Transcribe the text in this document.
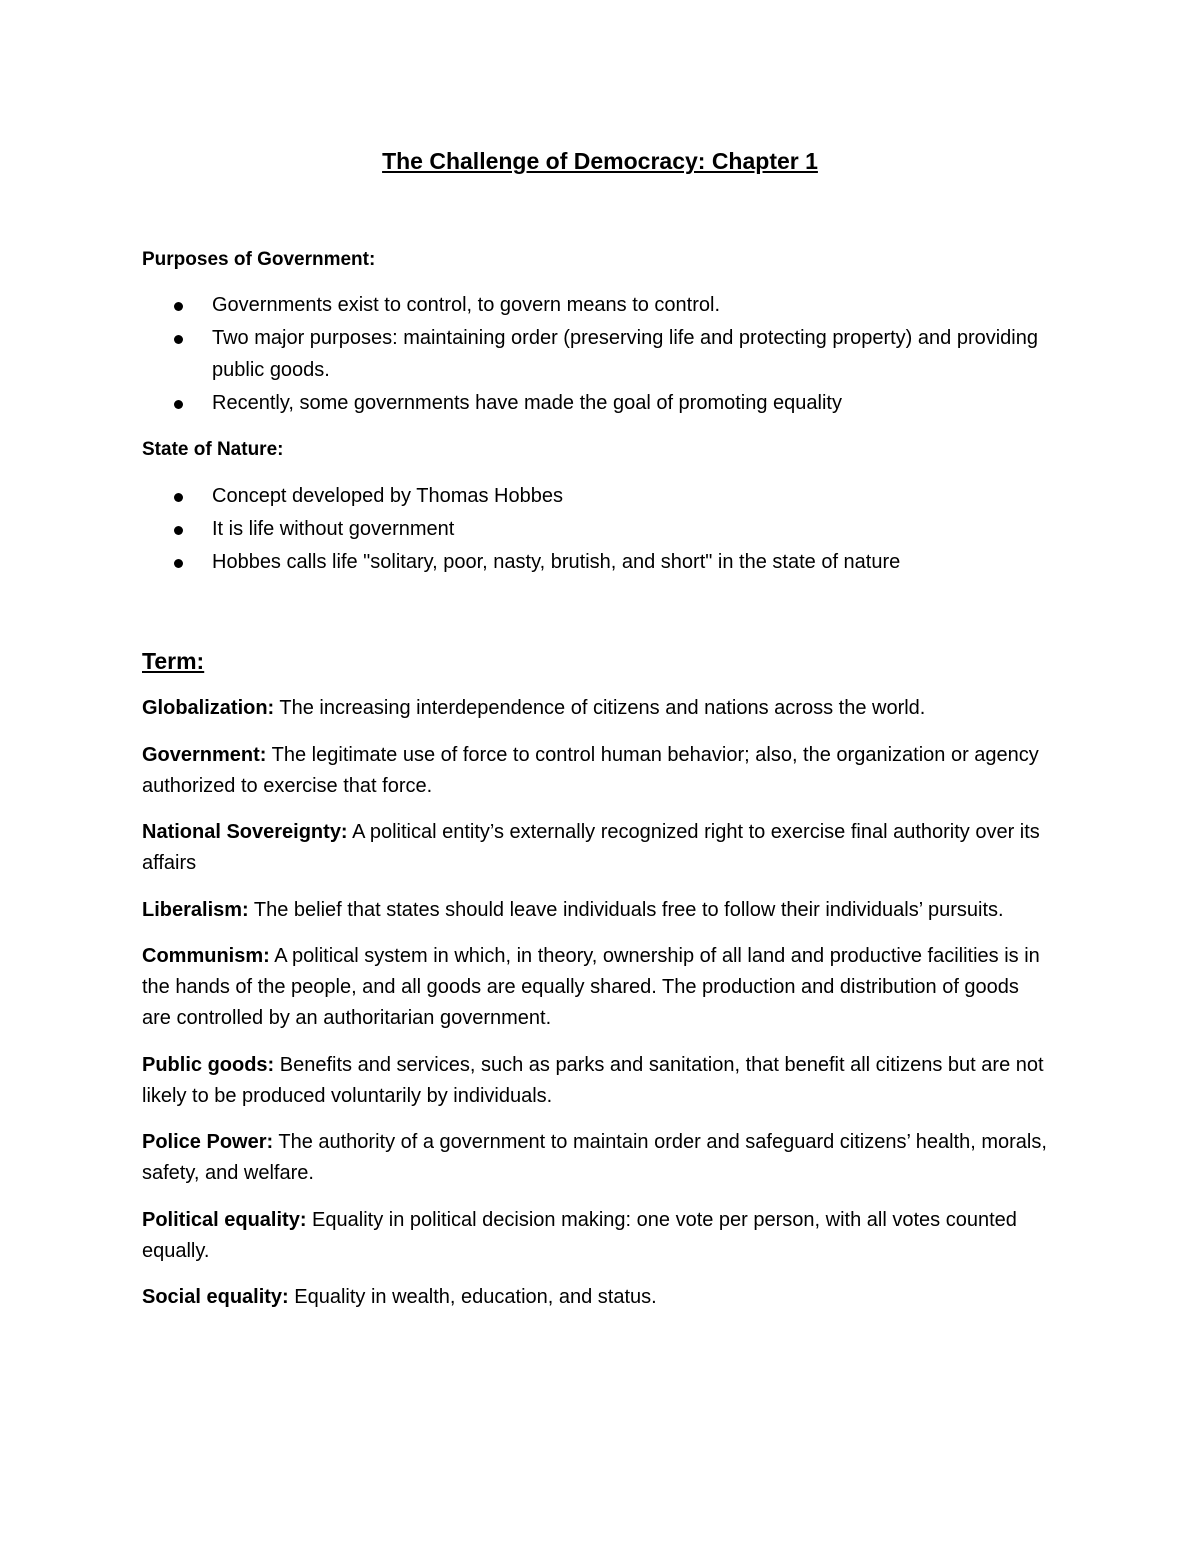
The Challenge of Democracy: Chapter 1
Purposes of Government:
Governments exist to control, to govern means to control.
Two major purposes: maintaining order (preserving life and protecting property) and providing public goods.
Recently, some governments have made the goal of promoting equality
State of Nature:
Concept developed by Thomas Hobbes
It is life without government
Hobbes calls life "solitary, poor, nasty, brutish, and short" in the state of nature
Term:

Globalization: The increasing interdependence of citizens and nations across the world.

Government: The legitimate use of force to control human behavior; also, the organization or agency authorized to exercise that force.

National Sovereignty: A political entity’s externally recognized right to exercise final authority over its affairs

Liberalism: The belief that states should leave individuals free to follow their individuals’ pursuits.

Communism: A political system in which, in theory, ownership of all land and productive facilities is in the hands of the people, and all goods are equally shared. The production and distribution of goods are controlled by an authoritarian government.

Public goods: Benefits and services, such as parks and sanitation, that benefit all citizens but are not likely to be produced voluntarily by individuals.

Police Power: The authority of a government to maintain order and safeguard citizens’ health, morals, safety, and welfare.

Political equality: Equality in political decision making: one vote per person, with all votes counted equally.

Social equality: Equality in wealth, education, and status.
